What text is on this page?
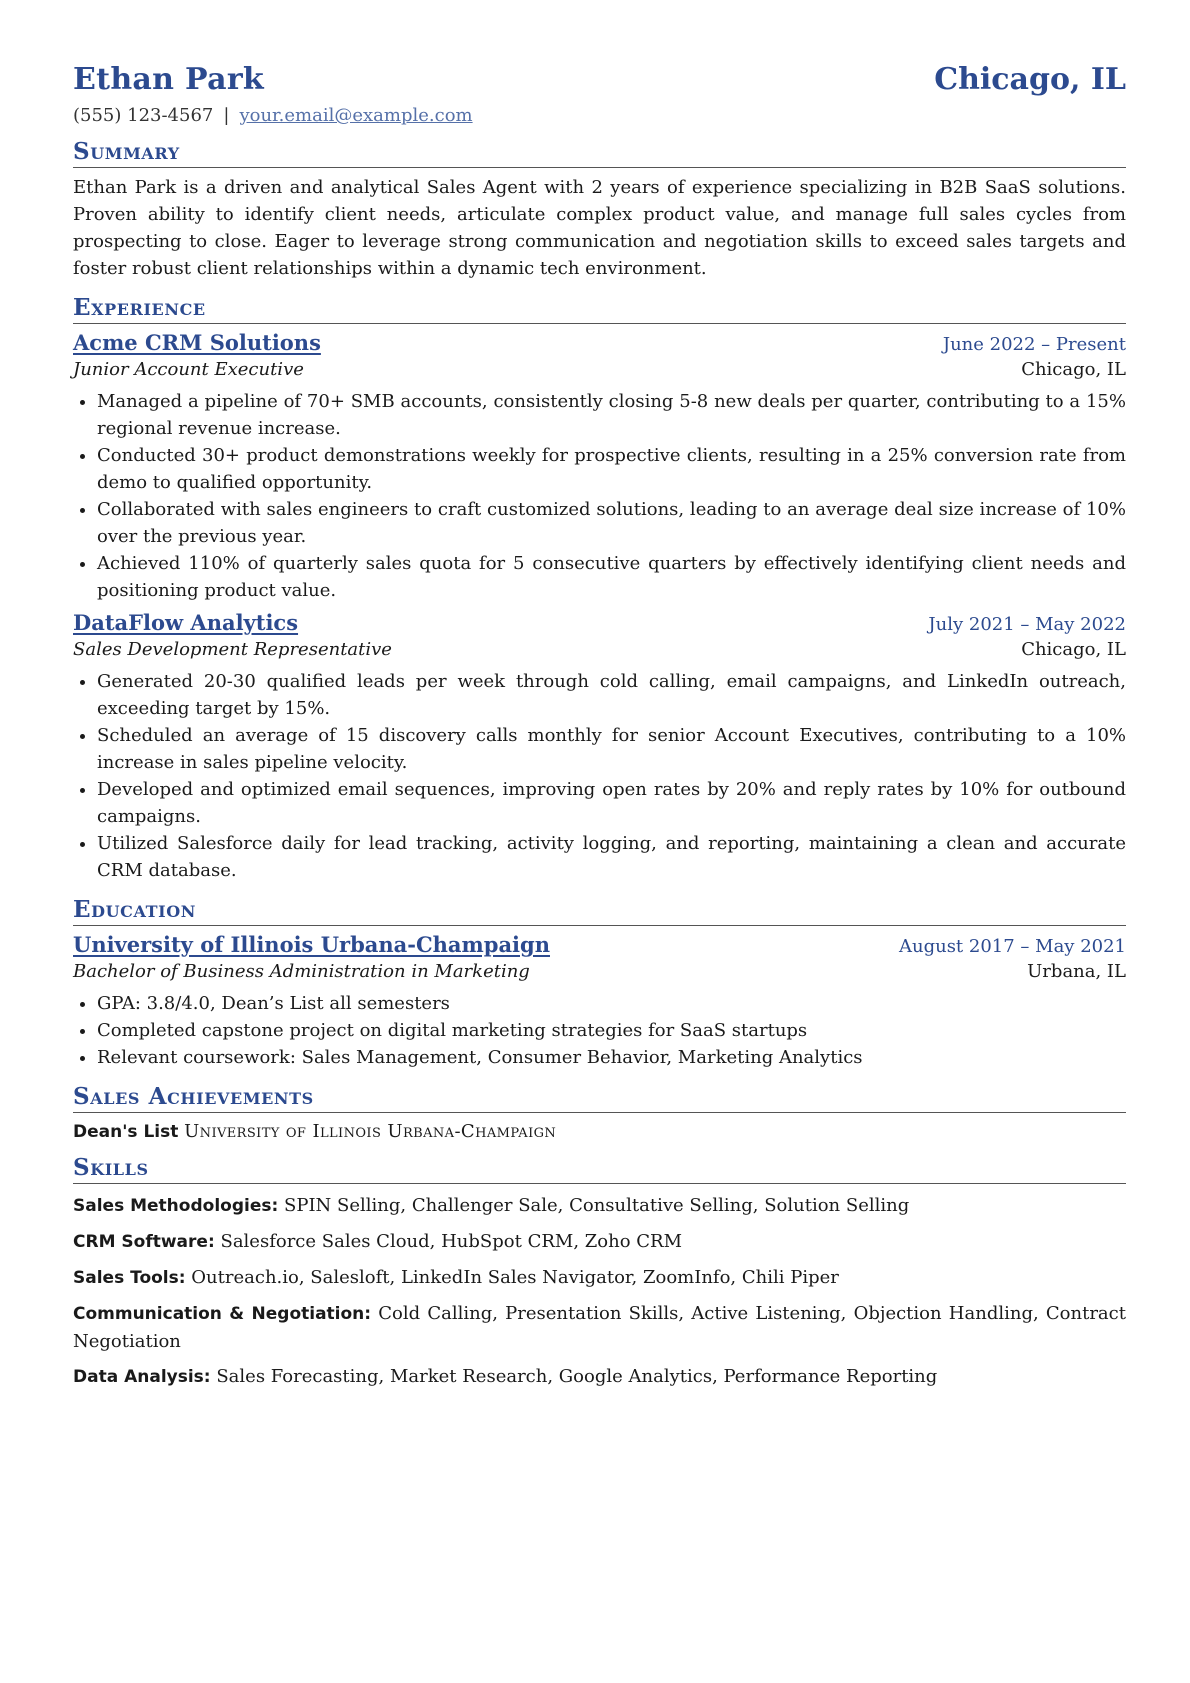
Ethan Park	Chicago, IL
(555) 123-4567 | your.email@example.com
Summary
Ethan Park is a driven and analytical Sales Agent with 2 years of experience specializing in B2B SaaS solutions. Proven ability to identify client needs, articulate complex product value, and manage full sales cycles from prospecting to close. Eager to leverage strong communication and negotiation skills to exceed sales targets and foster robust client relationships within a dynamic tech environment.
Experience
Acme CRM Solutions	June 2022 – Present
Junior Account Executive	Chicago, IL
• Managed a pipeline of 70+ SMB accounts, consistently closing 5-8 new deals per quarter, contributing to a 15% regional revenue increase.
• Conducted 30+ product demonstrations weekly for prospective clients, resulting in a 25% conversion rate from demo to qualified opportunity.
• Collaborated with sales engineers to craft customized solutions, leading to an average deal size increase of 10% over the previous year.
• Achieved 110% of quarterly sales quota for 5 consecutive quarters by effectively identifying client needs and positioning product value.
DataFlow Analytics	July 2021 – May 2022
Sales Development Representative	Chicago, IL
• Generated 20-30 qualified leads per week through cold calling, email campaigns, and LinkedIn outreach, exceeding target by 15%.
• Scheduled an average of 15 discovery calls monthly for senior Account Executives, contributing to a 10% increase in sales pipeline velocity.
• Developed and optimized email sequences, improving open rates by 20% and reply rates by 10% for outbound campaigns.
• Utilized Salesforce daily for lead tracking, activity logging, and reporting, maintaining a clean and accurate CRM database.
Education
University of Illinois Urbana-Champaign	August 2017 – May 2021
Bachelor of Business Administration in Marketing	Urbana, IL
• GPA: 3.8/4.0, Dean’s List all semesters
• Completed capstone project on digital marketing strategies for SaaS startups
• Relevant coursework: Sales Management, Consumer Behavior, Marketing Analytics
Sales Achievements
Dean's List University of Illinois Urbana-Champaign
Skills
Sales Methodologies: SPIN Selling, Challenger Sale, Consultative Selling, Solution Selling
CRM Software: Salesforce Sales Cloud, HubSpot CRM, Zoho CRM
Sales Tools: Outreach.io, Salesloft, LinkedIn Sales Navigator, ZoomInfo, Chili Piper
Communication & Negotiation: Cold Calling, Presentation Skills, Active Listening, Objection Handling, Contract Negotiation
Data Analysis: Sales Forecasting, Market Research, Google Analytics, Performance Reporting
